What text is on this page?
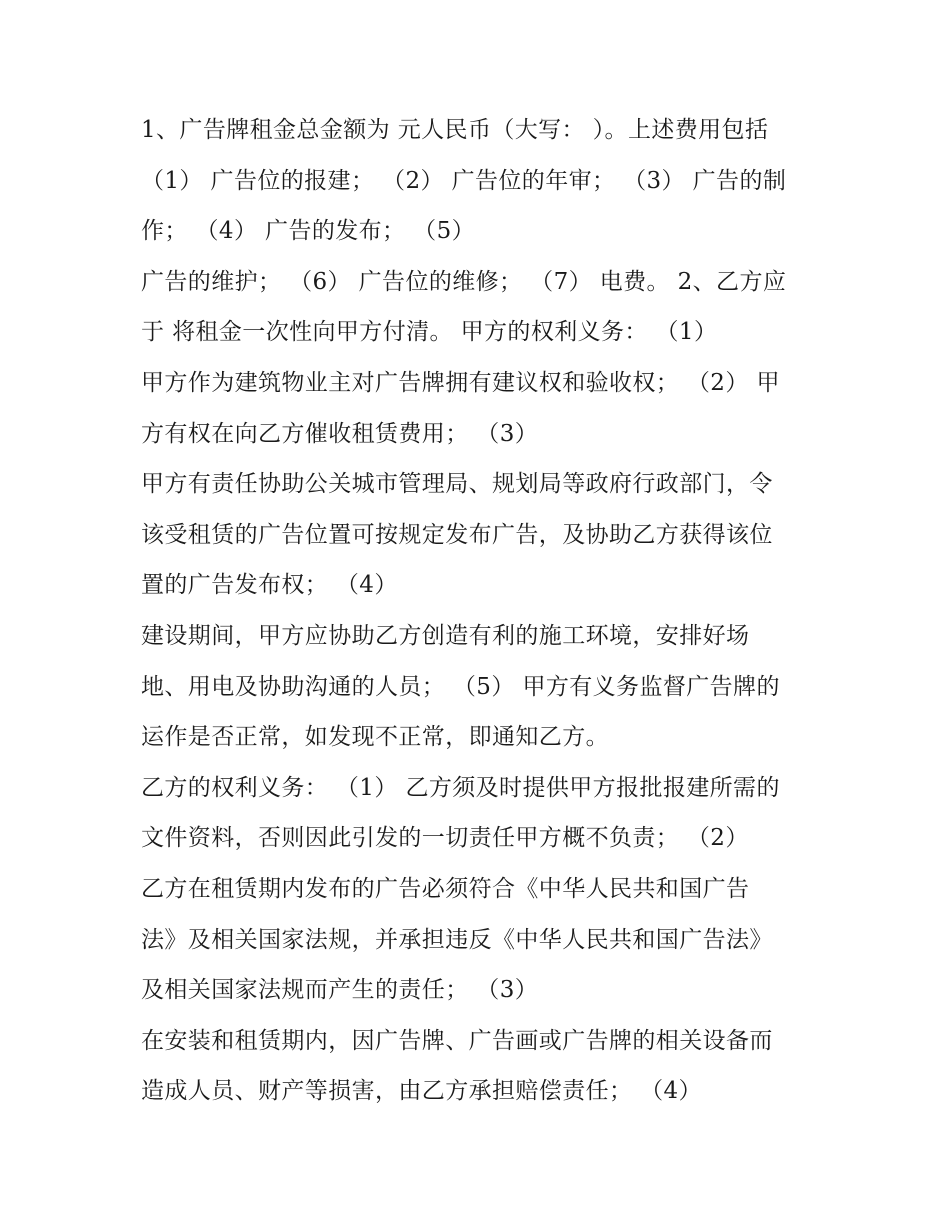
1、广告牌租金总金额为 元人民币（大写： ）。上述费用包括
（1） 广告位的报建； （2） 广告位的年审； （3） 广告的制
作； （4） 广告的发布； （5）
广告的维护； （6） 广告位的维修； （7） 电费。 2、乙方应
于 将租金一次性向甲方付清。 甲方的权利义务： （1）
甲方作为建筑物业主对广告牌拥有建议权和验收权； （2） 甲
方有权在向乙方催收租赁费用； （3）
甲方有责任协助公关城市管理局、规划局等政府行政部门，令
该受租赁的广告位置可按规定发布广告，及协助乙方获得该位
置的广告发布权； （4）
建设期间，甲方应协助乙方创造有利的施工环境，安排好场
地、用电及协助沟通的人员； （5） 甲方有义务监督广告牌的
运作是否正常，如发现不正常，即通知乙方。
乙方的权利义务： （1） 乙方须及时提供甲方报批报建所需的
文件资料，否则因此引发的一切责任甲方概不负责； （2）
乙方在租赁期内发布的广告必须符合《中华人民共和国广告
法》及相关国家法规，并承担违反《中华人民共和国广告法》
及相关国家法规而产生的责任； （3）
在安装和租赁期内，因广告牌、广告画或广告牌的相关设备而
造成人员、财产等损害，由乙方承担赔偿责任； （4）
